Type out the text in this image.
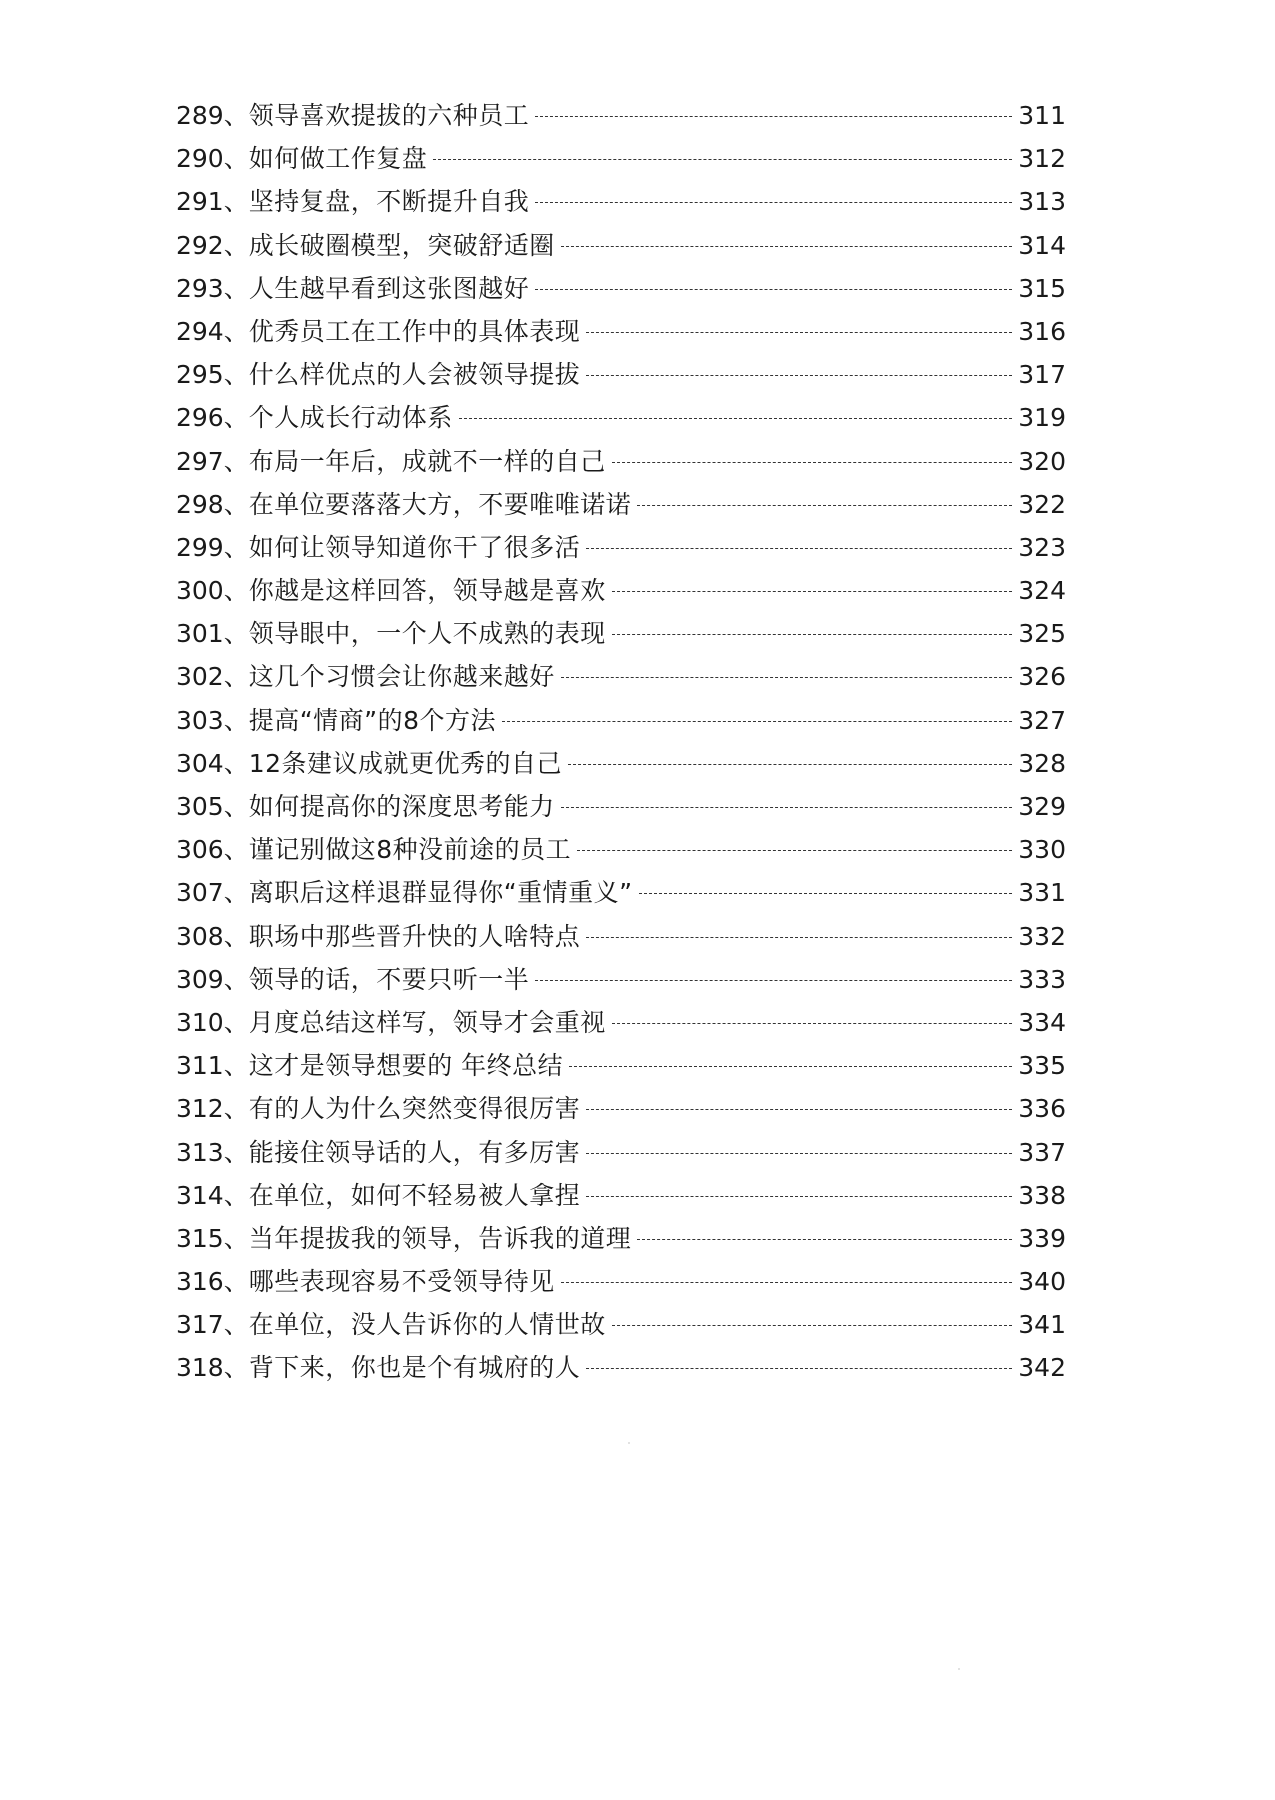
289 、 领导喜欢提拔的六种员工	311
290 、 如何做工作复盘	312
291 、 坚持复盘，不断提升自我	313
292 、 成长破圈模型，突破舒适圈	314
293 、 人生越早看到这张图越好	315
294 、 优秀员工在工作中的具体表现	316
295 、 什么样优点的人会被领导提拔	317
296 、 个人成长行动体系	319
297 、 布局一年后，成就不一样的自己	320
298 、 在单位要落落大方，不要唯唯诺诺	322
299 、 如何让领导知道你干了很多活	323
300 、 你越是这样回答，领导越是喜欢	324
301 、 领导眼中，一个人不成熟的表现	325
302 、 这几个习惯会让你越来越好	326
303 、 提高“情商”的8个方法	327
304 、 12条建议成就更优秀的自己	328
305 、 如何提高你的深度思考能力	329
306 、 谨记别做这8种没前途的员工	330
307 、 离职后这样退群显得你“重情重义”	331
308 、 职场中那些晋升快的人啥特点	332
309 、 领导的话，不要只听一半	333
310 、 月度总结这样写，领导才会重视	334
311 、 这才是领导想要的 年终总结	335
312 、 有的人为什么突然变得很厉害	336
313 、 能接住领导话的人，有多厉害	337
314 、 在单位，如何不轻易被人拿捏	338
315 、 当年提拔我的领导，告诉我的道理	339
316 、 哪些表现容易不受领导待见	340
317 、 在单位，没人告诉你的人情世故	341
318 、 背下来，你也是个有城府的人	342
